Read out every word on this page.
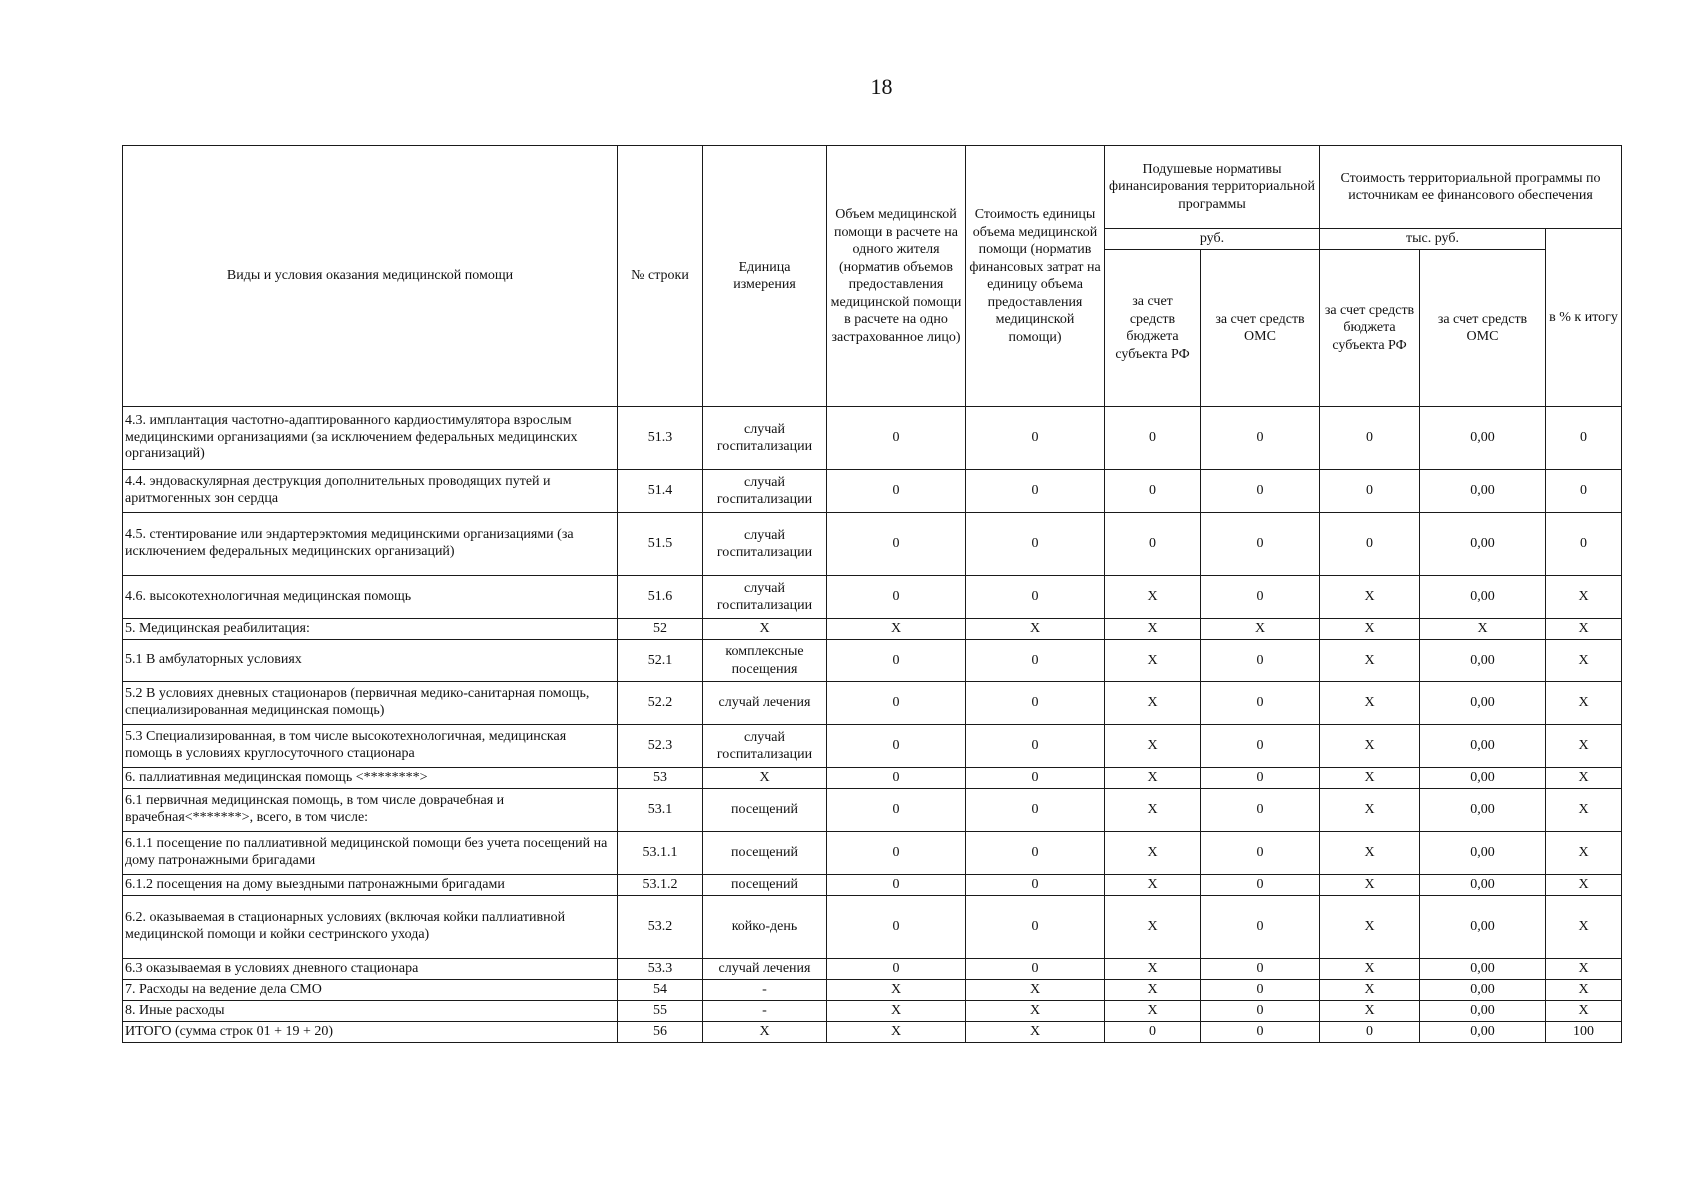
18
Виды и условия оказания медицинской помощи	№ строки	Единица измерения	Объем медицинской помощи в расчете на одного жителя (норматив объемов предоставления медицинской помощи в расчете на одно застрахованное лицо)	Стоимость единицы объема медицинской помощи (норматив финансовых затрат на единицу объема предоставления медицинской помощи)	Подушевые нормативы финансирования территориальной программы		Стоимость территориальной программы по источникам ее финансового обеспечения		
					руб.		тыс. руб.		в % к итогу
					за счет средств бюджета субъекта РФ	за счет средств ОМС	за счет средств бюджета субъекта РФ	за счет средств ОМС	
4.3. имплантация частотно-адаптированного кардиостимулятора взрослым медицинскими организациями (за исключением федеральных медицинских организаций)	51.3	случай госпитализации	0	0	0	0	0	0,00	0
4.4. эндоваскулярная деструкция дополнительных проводящих путей и аритмогенных зон сердца	51.4	случай госпитализации	0	0	0	0	0	0,00	0
4.5. стентирование или эндартерэктомия медицинскими организациями (за исключением федеральных медицинских организаций)	51.5	случай госпитализации	0	0	0	0	0	0,00	0
4.6. высокотехнологичная медицинская помощь	51.6	случай госпитализации	0	0	Х	0	Х	0,00	Х
5. Медицинская реабилитация:	52	Х	Х	Х	Х	Х	Х	Х	Х
5.1 В амбулаторных условиях	52.1	комплексные посещения	0	0	Х	0	Х	0,00	Х
5.2 В условиях дневных стационаров (первичная медико-санитарная помощь, специализированная медицинская помощь)	52.2	случай лечения	0	0	Х	0	Х	0,00	Х
5.3 Специализированная, в том числе высокотехнологичная, медицинская помощь в условиях круглосуточного стационара	52.3	случай госпитализации	0	0	Х	0	Х	0,00	Х
6. паллиативная медицинская помощь <********>	53	Х	0	0	Х	0	Х	0,00	Х
6.1 первичная медицинская помощь, в том числе доврачебная и врачебная<*******>, всего, в том числе:	53.1	посещений	0	0	Х	0	Х	0,00	Х
6.1.1 посещение по паллиативной медицинской помощи без учета посещений на дому патронажными бригадами	53.1.1	посещений	0	0	Х	0	Х	0,00	Х
6.1.2 посещения на дому выездными патронажными бригадами	53.1.2	посещений	0	0	Х	0	Х	0,00	Х
6.2. оказываемая в стационарных условиях (включая койки паллиативной медицинской помощи и койки сестринского ухода)	53.2	койко-день	0	0	Х	0	Х	0,00	Х
6.3 оказываемая в условиях дневного стационара	53.3	случай лечения	0	0	Х	0	Х	0,00	Х
7. Расходы на ведение дела СМО	54	-	Х	Х	Х	0	Х	0,00	Х
8. Иные расходы	55	-	Х	Х	Х	0	Х	0,00	Х
ИТОГО (сумма строк 01 + 19 + 20)	56	Х	Х	Х	0	0	0	0,00	100
